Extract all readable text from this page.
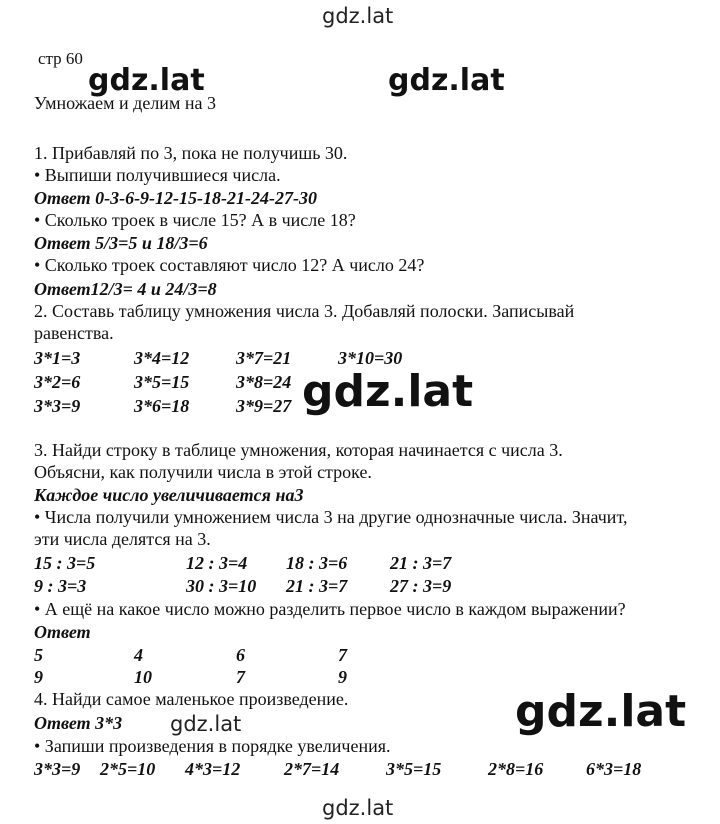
gdz.lat
gdz.lat	gdz.lat
gdz.lat
gdz.lat
gdz.lat
gdz.lat
стр 60
Умножаем и делим на 3
1. Прибавляй по 3, пока не получишь 30.
• Выпиши получившиеся числа.
Ответ 0-3-6-9-12-15-18-21-24-27-30
• Сколько троек в числе 15? А в числе 18?
Ответ 5/3=5 и 18/3=6
• Сколько троек составляют число 12? А число 24?
Ответ12/3= 4 и 24/3=8
2. Составь таблицу умножения числа 3. Добавляй полоски. Записывай
равенства.
3*1=3	3*4=12	3*7=21	3*10=30
3*2=6	3*5=15	3*8=24
3*3=9	3*6=18	3*9=27
3. Найди строку в таблице умножения, которая начинается с числа 3.
Объясни, как получили числа в этой строке.
Каждое число увеличивается на3
• Числа получили умножением числа 3 на другие однозначные числа. Значит,
эти числа делятся на 3.
15 : 3=5	12 : 3=4 18 : 3=6 21 : 3=7
9 : 3=3	30 : 3=10 21 : 3=7 27 : 3=9
• А ещё на какое число можно разделить первое число в каждом выражении?
Ответ
5	4	6	7
9	10	7	9
4. Найди самое маленькое произведение.
Ответ 3*3
• Запиши произведения в порядке увеличения.
3*3=9 2*5=10 4*3=12 2*7=14	3*5=15	2*8=16 6*3=18
